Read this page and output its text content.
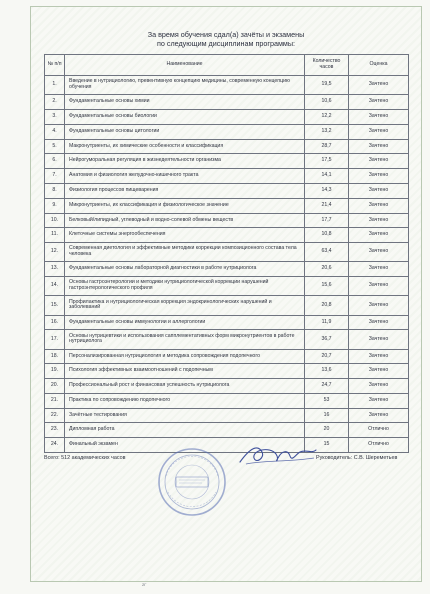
За время обучения сдал(а) зачёты и экзамены
по следующим дисциплинам программы:
№ п/п	Наименование	Количество часов	Оценка
1.	Введение в нутрициологию, превентивную концепцию медицины, современную концепцию обучения	19,5	Зачтено
2.	Фундаментальные основы химии	10,6	Зачтено
3.	Фундаментальные основы биологии	12,2	Зачтено
4.	Фундаментальные основы цитологии	13,2	Зачтено
5.	Макронутриенты, их химические особенности и классификация	28,7	Зачтено
6.	Нейрогуморальная регуляция в жизнедеятельности организма	17,5	Зачтено
7.	Анатомия и физиология желудочно-кишечного тракта	14,1	Зачтено
8.	Физиология процессов пищеварения	14,3	Зачтено
9.	Микронутриенты, их классификация и физиологическое значение	21,4	Зачтено
10.	Белковый/липидный, углеводный и водно-солевой обмены веществ	17,7	Зачтено
11.	Клеточные системы энергообеспечения	10,8	Зачтено
12.	Современная диетология и эффективные методики коррекции композиционного состава тела человека	63,4	Зачтено
13.	Фундаментальные основы лабораторной диагностики в работе нутрициолога	20,6	Зачтено
14.	Основы гастроэнтерологии и методики нутрициологической коррекции нарушений гастроэнтерологического профиля	15,6	Зачтено
15.	Профилактика и нутрициологическая коррекция эндокринологических нарушений и заболеваний	20,8	Зачтено
16.	Фундаментальные основы иммунологии и аллергологии	11,9	Зачтено
17.	Основы нутрицевтики и использования сапплементативных форм микронутриентов в работе нутрициолога	36,7	Зачтено
18.	Персонализированная нутрициология и методика сопровождения подопечного	20,7	Зачтено
19.	Психология эффективных взаимоотношений с подопечным	13,6	Зачтено
20.	Профессиональный рост и финансовая успешность нутрициолога	24,7	Зачтено
21.	Практика по сопровождению подопечного	53	Зачтено
22.	Зачётные тестирования	16	Зачтено
23.	Дипломная работа	20	Отлично
24.	Финальный экзамен	15	Отлично
Всего: 512 академических часов	Руководитель: С.В. Шереметьев
2Г
